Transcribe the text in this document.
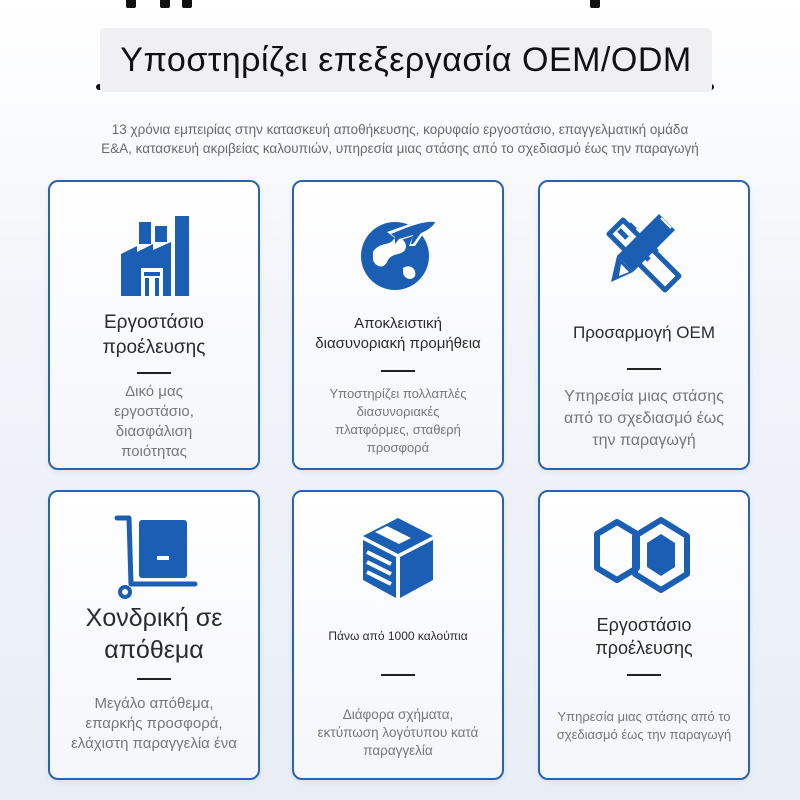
Υποστηρίζει επεξεργασία OEM/ODM
13 χρόνια εμπειρίας στην κατασκευή αποθήκευσης, κορυφαίο εργοστάσιο, επαγγελματική ομάδα
Ε&Α, κατασκευή ακριβείας καλουπιών, υπηρεσία μιας στάσης από το σχεδιασμό έως την παραγωγή
Εργοστάσιο προέλευσης
Δικό μας εργοστάσιο, διασφάλιση ποιότητας
Αποκλειστική διασυνοριακή προμήθεια
Υποστηρίζει πολλαπλές διασυνοριακές πλατφόρμες, σταθερή προσφορά
Προσαρμογή OEM
Υπηρεσία μιας στάσης από το σχεδιασμό έως την παραγωγή
Χονδρική σε απόθεμα
Μεγάλο απόθεμα, επαρκής προσφορά, ελάχιστη παραγγελία ένα
Πάνω από 1000 καλούπια
Διάφορα σχήματα, εκτύπωση λογότυπου κατά παραγγελία
Εργοστάσιο προέλευσης
Υπηρεσία μιας στάσης από το σχεδιασμό έως την παραγωγή
